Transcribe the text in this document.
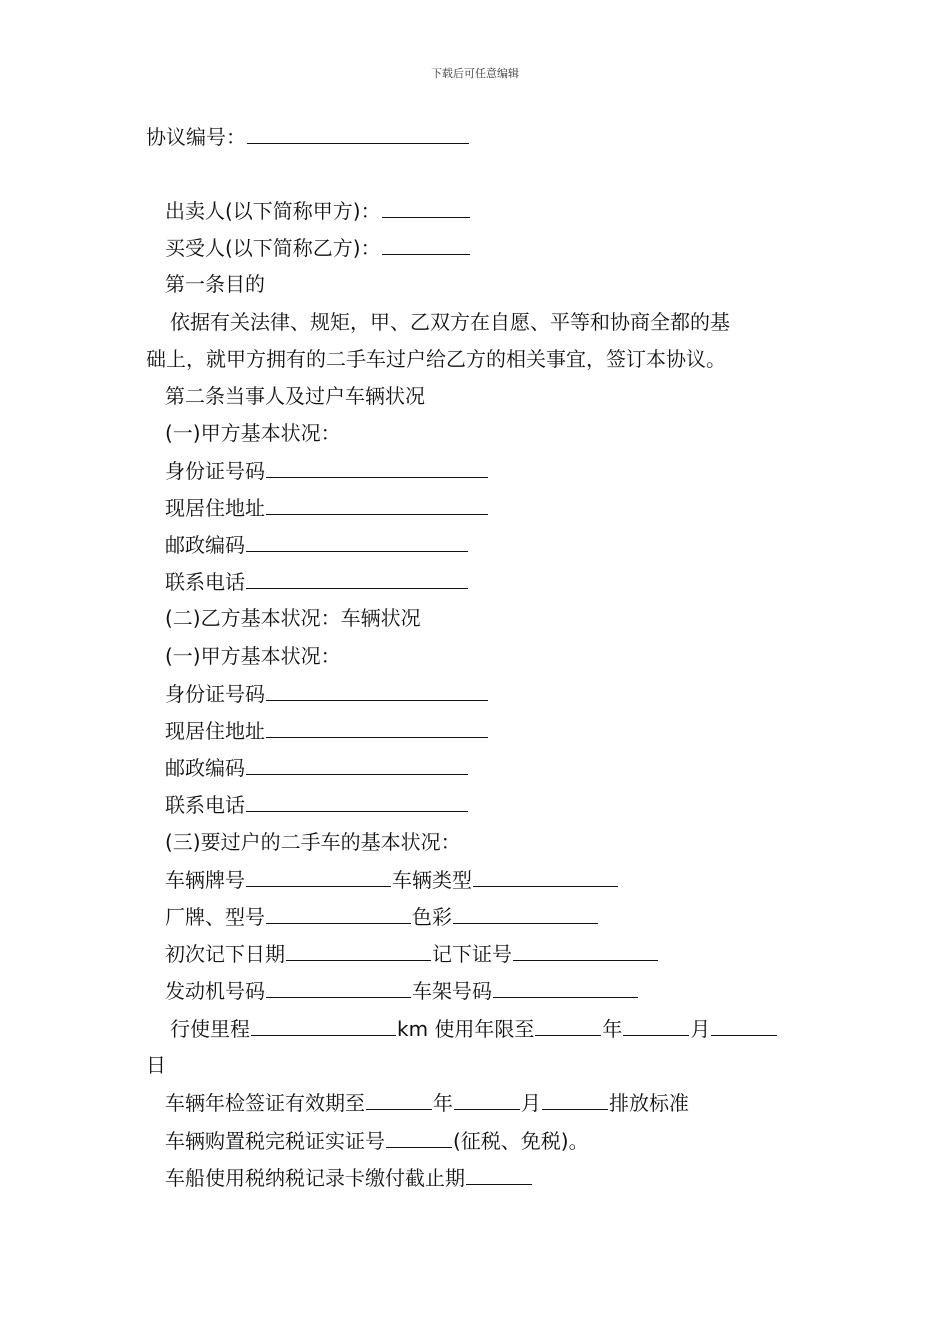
下载后可任意编辑
协议编号：
出卖人(以下简称甲方)：
买受人(以下简称乙方)：
第一条目的
依据有关法律、规矩，甲、乙双方在自愿、平等和协商全都的基
础上，就甲方拥有的二手车过户给乙方的相关事宜，签订本协议。
第二条当事人及过户车辆状况
(一)甲方基本状况：
身份证号码
现居住地址
邮政编码
联系电话
(二)乙方基本状况：车辆状况
(一)甲方基本状况：
身份证号码
现居住地址
邮政编码
联系电话
(三)要过户的二手车的基本状况：
车辆牌号	车辆类型
厂牌、型号	色彩
初次记下日期	记下证号
发动机号码	车架号码
行使里程	km 使用年限至	年	月
日
车辆年检签证有效期至	年	月	排放标准
车辆购置税完税证实证号	(征税、免税)。
车船使用税纳税记录卡缴付截止期
